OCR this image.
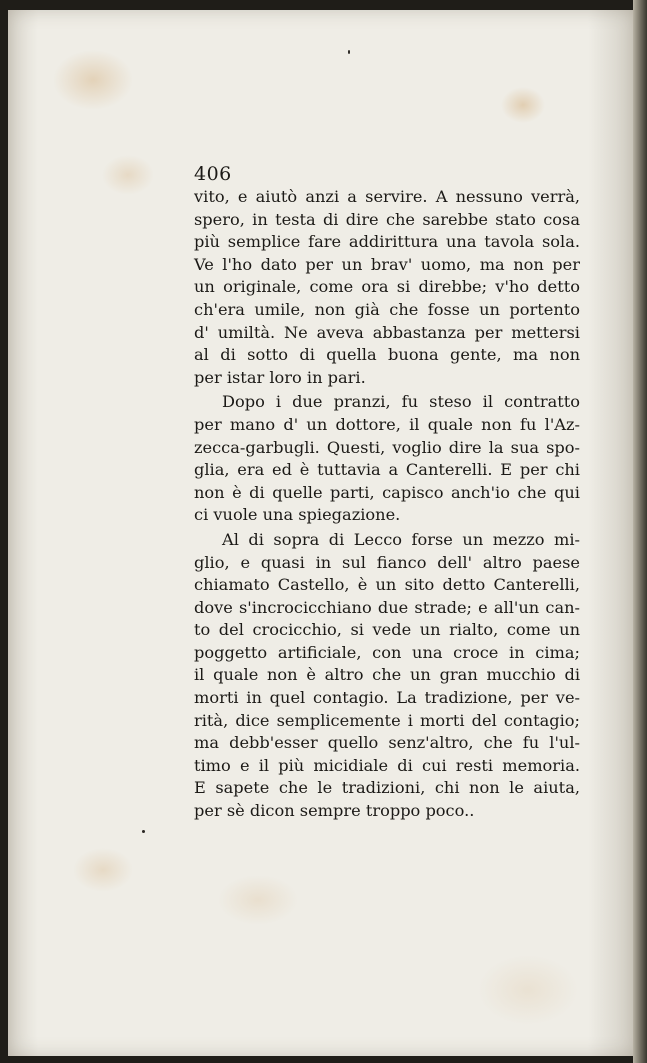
406

vito, e aiutò anzi a servire. A nessuno verrà,

spero, in testa di dire che sarebbe stato cosa

più semplice fare addirittura una tavola sola.

Ve l'ho dato per un brav' uomo, ma non per

un originale, come ora si direbbe; v'ho detto

ch'era umile, non già che fosse un portento

d' umiltà. Ne aveva abbastanza per mettersi

al di sotto di quella buona gente, ma non

per istar loro in pari.

Dopo i due pranzi, fu steso il contratto

per mano d' un dottore, il quale non fu l'Az-

zecca-garbugli. Questi, voglio dire la sua spo-

glia, era ed è tuttavia a Canterelli. E per chi

non è di quelle parti, capisco anch'io che qui

ci vuole una spiegazione.

Al di sopra di Lecco forse un mezzo mi-

glio, e quasi in sul fianco dell' altro paese

chiamato Castello, è un sito detto Canterelli,

dove s'incrocicchiano due strade; e all'un can-

to del crocicchio, si vede un rialto, come un

poggetto artificiale, con una croce in cima;

il quale non è altro che un gran mucchio di

morti in quel contagio. La tradizione, per ve-

rità, dice semplicemente i morti del contagio;

ma debb'esser quello senz'altro, che fu l'ul-

timo e il più micidiale di cui resti memoria.

E sapete che le tradizioni, chi non le aiuta,

per sè dicon sempre troppo poco..
